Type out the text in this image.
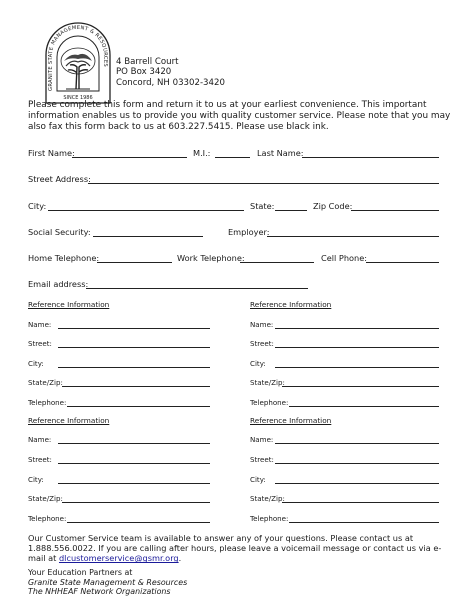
GRANITE STATE MANAGEMENT & RESOURCES
SINCE 1986
4 Barrell Court
PO Box 3420
Concord, NH 03302-3420
Please complete this form and return it to us at your earliest convenience. This important information enables us to provide you with quality customer service. Please note that you may also fax this form back to us at 603.227.5415. Please use black ink.
First Name:	M.I.:	Last Name:
Street Address:
City:	State:	Zip Code:
Social Security:	Employer:
Home Telephone:	Work Telephone:	Cell Phone:
Email address:
Reference Information
Name:
Street:
City:
State/Zip:
Telephone:
Reference Information
Name:
Street:
City:
State/Zip:
Telephone:
Reference Information
Name:
Street:
City:
State/Zip:
Telephone:
Reference Information
Name:
Street:
City:
State/Zip:
Telephone:
Our Customer Service team is available to answer any of your questions. Please contact us at 1.888.556.0022. If you are calling after hours, please leave a voicemail message or contact us via e-mail at dlcustomerservice@gsmr.org.
Your Education Partners at
Granite State Management & Resources
The NHHEAF Network Organizations
